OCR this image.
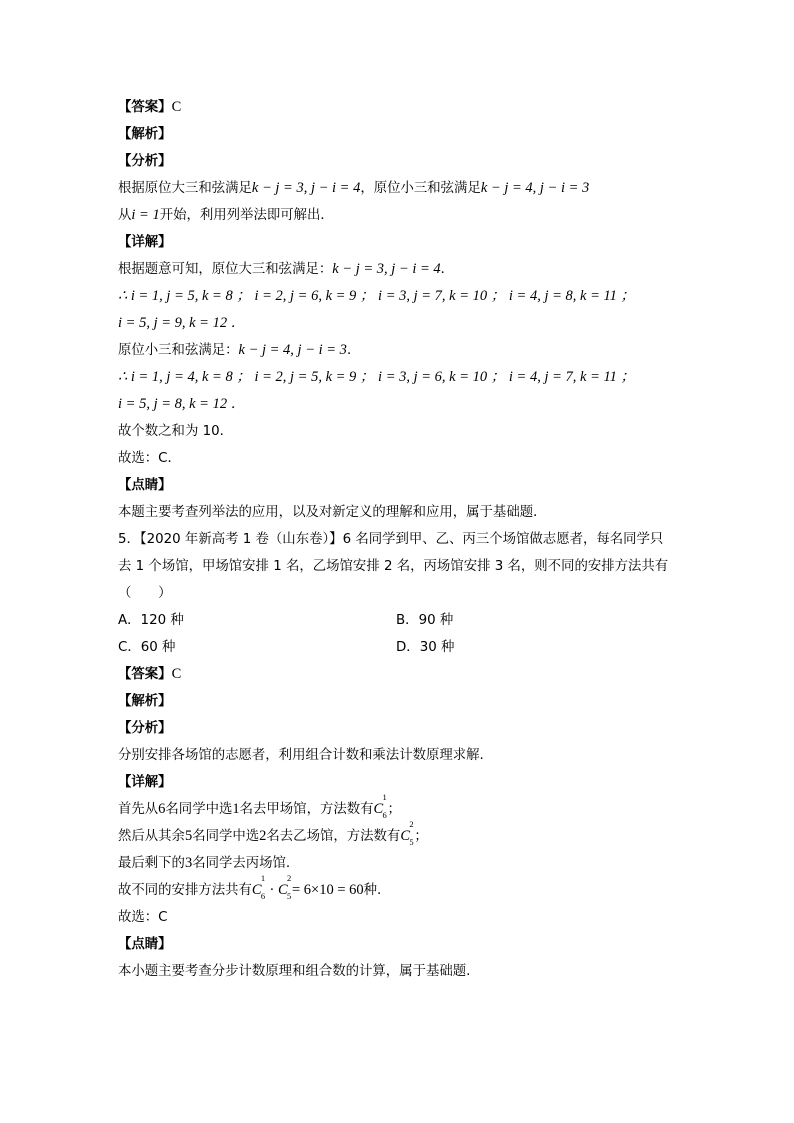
【答案】C
【解析】
【分析】
根据原位大三和弦满足k − j = 3, j − i = 4，原位小三和弦满足k − j = 4, j − i = 3
从i = 1开始，利用列举法即可解出．
【详解】
根据题意可知，原位大三和弦满足：k − j = 3, j − i = 4．
∴ i = 1, j = 5, k = 8 ； i = 2, j = 6, k = 9 ； i = 3, j = 7, k = 10 ； i = 4, j = 8, k = 11 ；
i = 5, j = 9, k = 12 ．
原位小三和弦满足：k − j = 4, j − i = 3．
∴ i = 1, j = 4, k = 8 ； i = 2, j = 5, k = 9 ； i = 3, j = 6, k = 10 ； i = 4, j = 7, k = 11 ；
i = 5, j = 8, k = 12 ．
故个数之和为 10．
故选：C．
【点睛】
本题主要考查列举法的应用，以及对新定义的理解和应用，属于基础题．
5．【2020 年新高考 1 卷（山东卷）】6 名同学到甲、乙、丙三个场馆做志愿者，每名同学只
去 1 个场馆，甲场馆安排 1 名，乙场馆安排 2 名，丙场馆安排 3 名，则不同的安排方法共有
（　　）
A．120 种	B．90 种
C．60 种	D．30 种
【答案】C
【解析】
【分析】
分别安排各场馆的志愿者，利用组合计数和乘法计数原理求解.
【详解】
首先从6名同学中选1名去甲场馆，方法数有C
1
6 ；
然后从其余5名同学中选2名去乙场馆，方法数有C
2
5 ；
最后剩下的3名同学去丙场馆.
故不同的安排方法共有C
1
6 · C
2
5 = 6×10 = 60种.
故选：C
【点睛】
本小题主要考查分步计数原理和组合数的计算，属于基础题.
